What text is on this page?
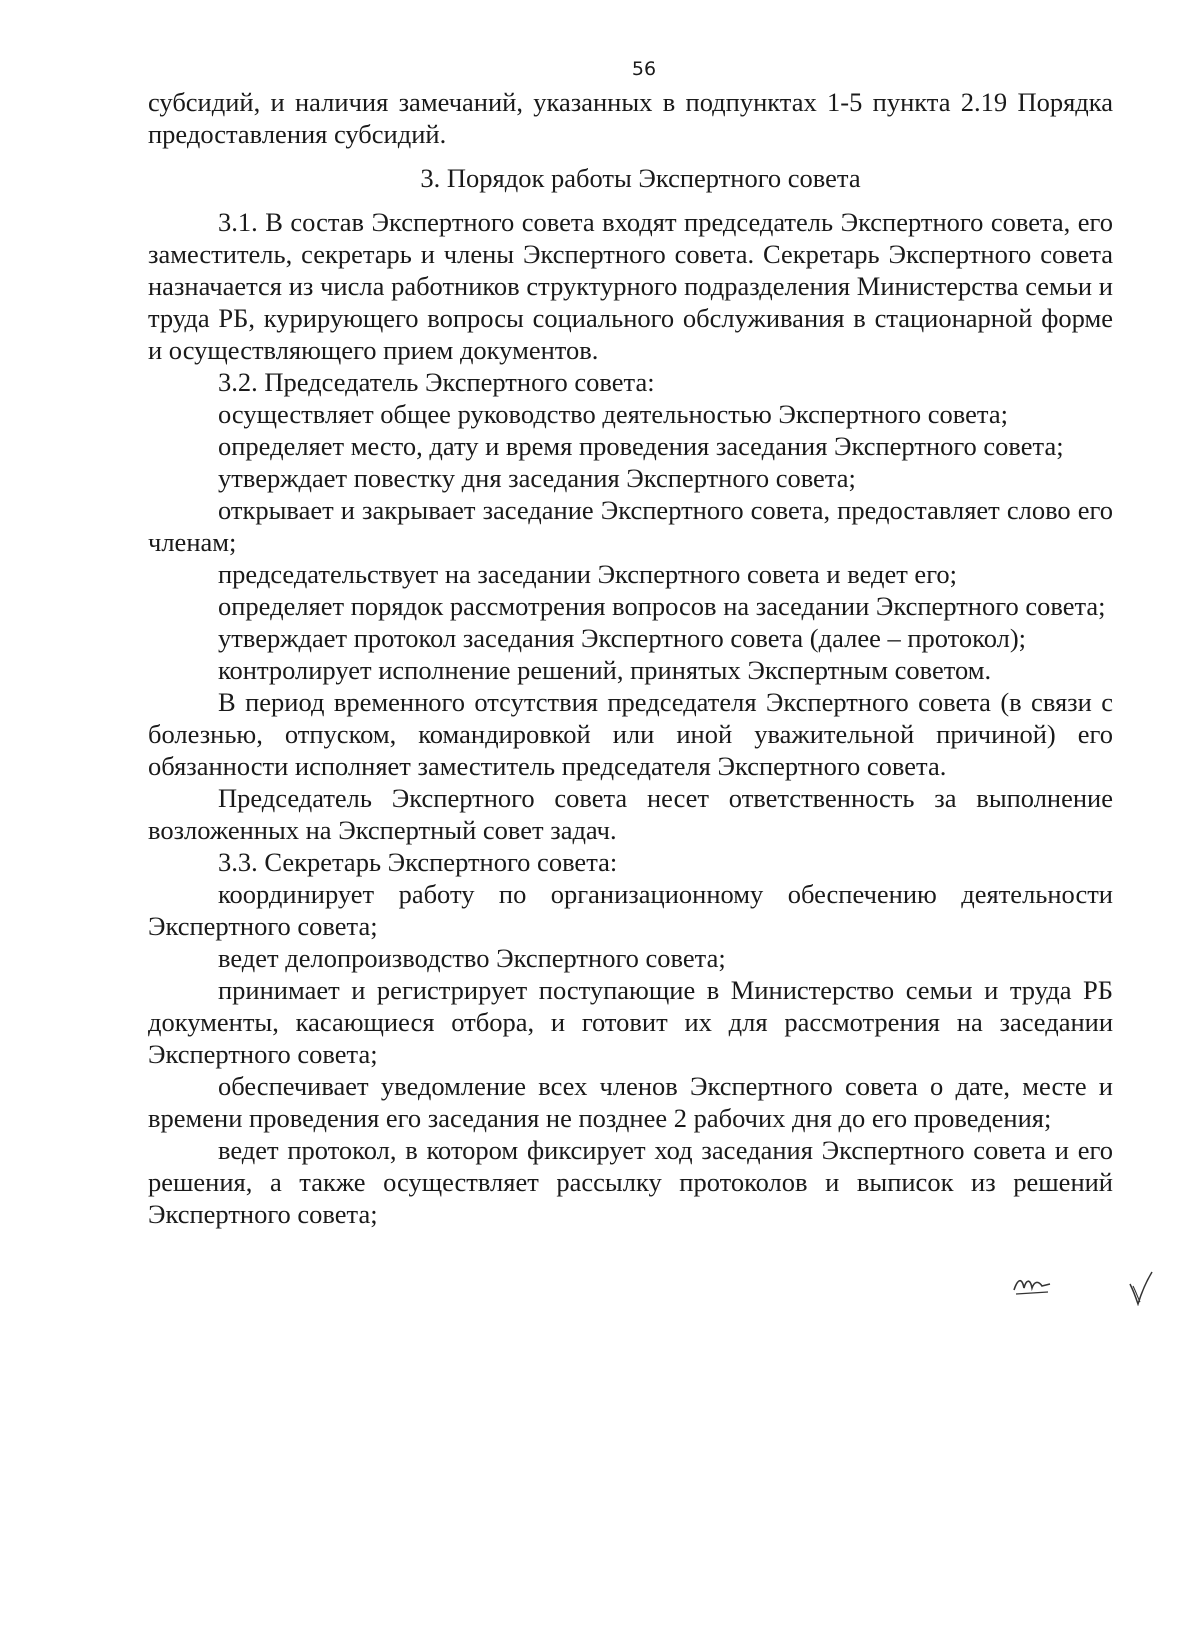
56

субсидий, и наличия замечаний, указанных в подпунктах 1-5 пункта 2.19 Порядка предоставления субсидий.

3. Порядок работы Экспертного совета

3.1. В состав Экспертного совета входят председатель Экспертного совета, его заместитель, секретарь и члены Экспертного совета. Секретарь Экспертного совета назначается из числа работников структурного подразделения Министерства семьи и труда РБ, курирующего вопросы социального обслуживания в стационарной форме и осуществляющего прием документов.

3.2. Председатель Экспертного совета:

осуществляет общее руководство деятельностью Экспертного совета;

определяет место, дату и время проведения заседания Экспертного совета;

утверждает повестку дня заседания Экспертного совета;

открывает и закрывает заседание Экспертного совета, предоставляет слово его членам;

председательствует на заседании Экспертного совета и ведет его;

определяет порядок рассмотрения вопросов на заседании Экспертного совета;

утверждает протокол заседания Экспертного совета (далее – протокол);

контролирует исполнение решений, принятых Экспертным советом.

В период временного отсутствия председателя Экспертного совета (в связи с болезнью, отпуском, командировкой или иной уважительной причиной) его обязанности исполняет заместитель председателя Экспертного совета.

Председатель Экспертного совета несет ответственность за выполнение возложенных на Экспертный совет задач.

3.3. Секретарь Экспертного совета:

координирует работу по организационному обеспечению деятельности Экспертного совета;

ведет делопроизводство Экспертного совета;

принимает и регистрирует поступающие в Министерство семьи и труда РБ документы, касающиеся отбора, и готовит их для рассмотрения на заседании Экспертного совета;

обеспечивает уведомление всех членов Экспертного совета о дате, месте и времени проведения его заседания не позднее 2 рабочих дня до его проведения;

ведет протокол, в котором фиксирует ход заседания Экспертного совета и его решения, а также осуществляет рассылку протоколов и выписок из решений Экспертного совета;
